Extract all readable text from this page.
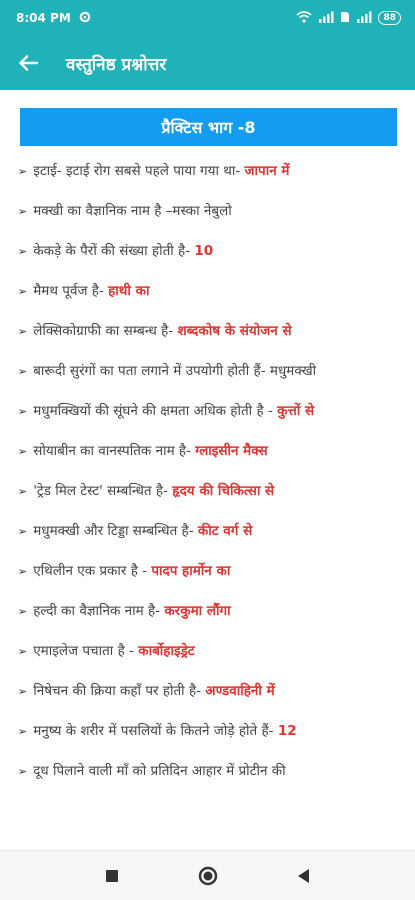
8:04 PM	88
वस्तुनिष्ठ प्रश्नोत्तर
प्रैक्टिस भाग -8
➢ इटाई- इटाई रोग सबसे पहले पाया गया था- जापान में
➢ मक्खी का वैज्ञानिक नाम है –मस्का नेबुलो
➢ केकड़े के पैरों की संख्या होती है- 10
➢ मैमथ पूर्वज है- हाथी का
➢ लेक्सिकोग्राफी का सम्बन्ध है- शब्दकोष के संयोजन से
➢ बारूदी सुरंगों का पता लगाने में उपयोगी होती हैं- मधुमक्खी
➢ मधुमक्खियों की सूंघने की क्षमता अधिक होती है - कुत्तों से
➢ सोयाबीन का वानस्पतिक नाम है- ग्लाइसीन मैक्स
➢ 'ट्रेड मिल टेस्ट' सम्बन्धित है- हृदय की चिकित्सा से
➢ मधुमक्खी और टिड्डा सम्बन्धित है- कीट वर्ग से
➢ एथिलीन एक प्रकार है - पादप हार्मोन का
➢ हल्दी का वैज्ञानिक नाम है- करकुमा लौंगा
➢ एमाइलेज पचाता है - कार्बोहाइड्रेट
➢ निषेचन की क्रिया कहाँ पर होती है- अण्डवाहिनी में
➢ मनुष्य के शरीर में पसलियों के कितने जोड़े होते हैं- 12
➢ दूध पिलाने वाली माँ को प्रतिदिन आहार में प्रोटीन की
